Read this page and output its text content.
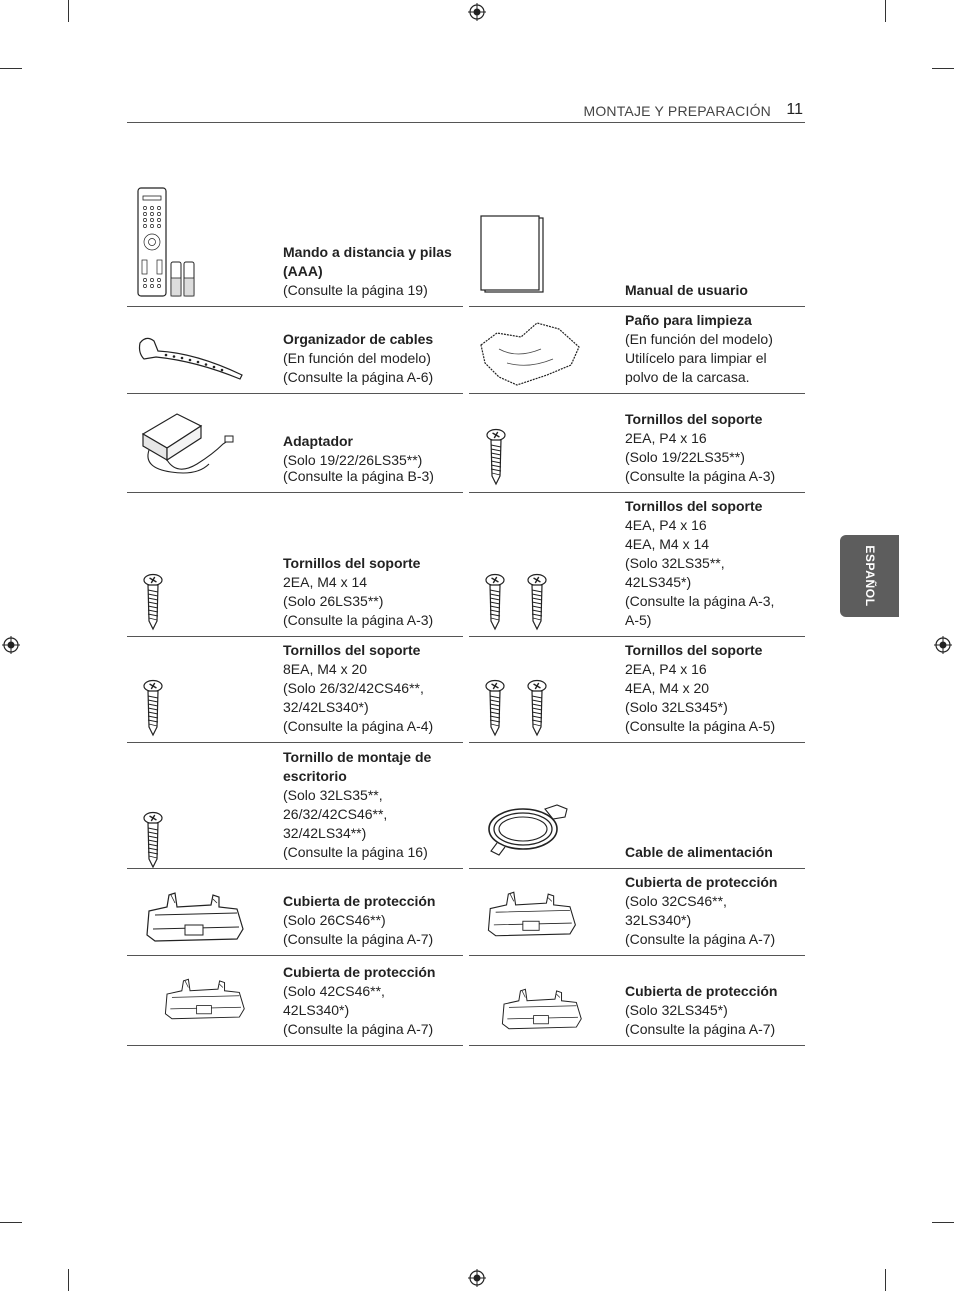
MONTAJE Y PREPARACIÓN 11
ESPAÑOL
Mando a distancia y pilas (AAA)
(Consulte la página 19)	Manual de usuario
Organizador de cables
(En función del modelo)
(Consulte la página A-6)
Paño para limpieza
(En función del modelo)
Utilícelo para limpiar el
polvo de la carcasa.
Adaptador
(Solo 19/22/26LS35**)
(Consulte la página B-3)
Tornillos del soporte
2EA, P4 x 16
(Solo 19/22LS35**)
(Consulte la página A-3)
Tornillos del soporte
2EA, M4 x 14
(Solo 26LS35**)
(Consulte la página A-3)
Tornillos del soporte
4EA, P4 x 16
4EA, M4 x 14
(Solo 32LS35**,
42LS345*)
(Consulte la página A-3,
A-5)
Tornillos del soporte
8EA, M4 x 20
(Solo 26/32/42CS46**,
32/42LS340*)
(Consulte la página A-4)
Tornillos del soporte
2EA, P4 x 16
4EA, M4 x 20
(Solo 32LS345*)
(Consulte la página A-5)
Tornillo de montaje de escritorio
(Solo 32LS35**,
26/32/42CS46**,
32/42LS34**)
(Consulte la página 16)	Cable de alimentación
Cubierta de protección
(Solo 26CS46**)
(Consulte la página A-7)
Cubierta de protección
(Solo 32CS46**,
32LS340*)
(Consulte la página A-7)
Cubierta de protección
(Solo 42CS46**,
42LS340*)
(Consulte la página A-7)
Cubierta de protección
(Solo 32LS345*)
(Consulte la página A-7)
